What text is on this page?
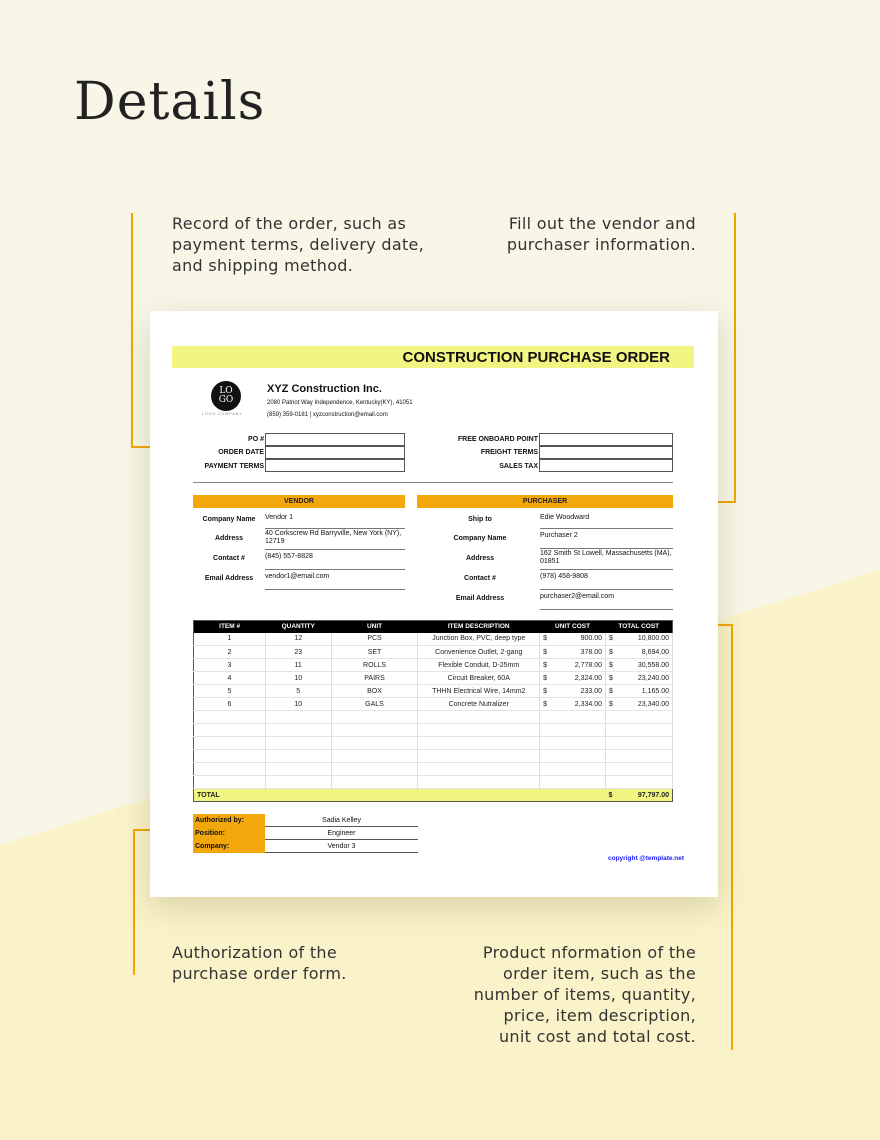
Details
Record of the order, such as payment terms, delivery date, and shipping method.
Fill out the vendor and purchaser information.
Authorization of the purchase order form.
Product nformation of the order item, such as the number of items, quantity, price, item description, unit cost and total cost.
CONSTRUCTION PURCHASE ORDER
LO
GO
LOGO COMPANY
XYZ Construction Inc.
2080 Patriot Way Independence, Kentucky(KY), 41051
(859) 359-0181 | xyzconstruction@email.com
PO #
ORDER DATE
PAYMENT TERMS
FREE ONBOARD POINT
FREIGHT TERMS
SALES TAX
VENDOR	PURCHASER
Company Name	Vendor 1
Address
40 Corkscrew Rd Barryville, New York (NY), 12719
Contact #	(845) 557-8828
Email Address	vendor1@email.com
Ship to	Edie Woodward
Company Name	Purchaser 2
Address
162 Smith St Lowell, Massachusetts (MA), 01851
Contact #	(978) 458-9808
Email Address	purchaser2@email.com
ITEM #	QUANTITY	UNIT	ITEM DESCRIPTION	UNIT COST		TOTAL COST	
1	12	PCS	Junction Box, PVC, deep type	$	900.00	$	10,800.00
2	23	SET	Convenience Outlet, 2-gang	$	378.00	$	8,694.00
3	11	ROLLS	Flexible Conduit, D-25mm	$	2,778.00	$	30,558.00
4	10	PAIRS	Circuit Breaker, 60A	$	2,324.00	$	23,240.00
5	5	BOX	THHN Electrical Wire, 14mm2	$	233.00	$	1,165.00
6	10	GALS	Concrete Nutralizer	$	2,334.00	$	23,340.00

TOTAL						$	97,797.00
Authorized by:	Sadia Kelley
Position:	Engineer
Company:	Vendor 3
copyright @template.net
